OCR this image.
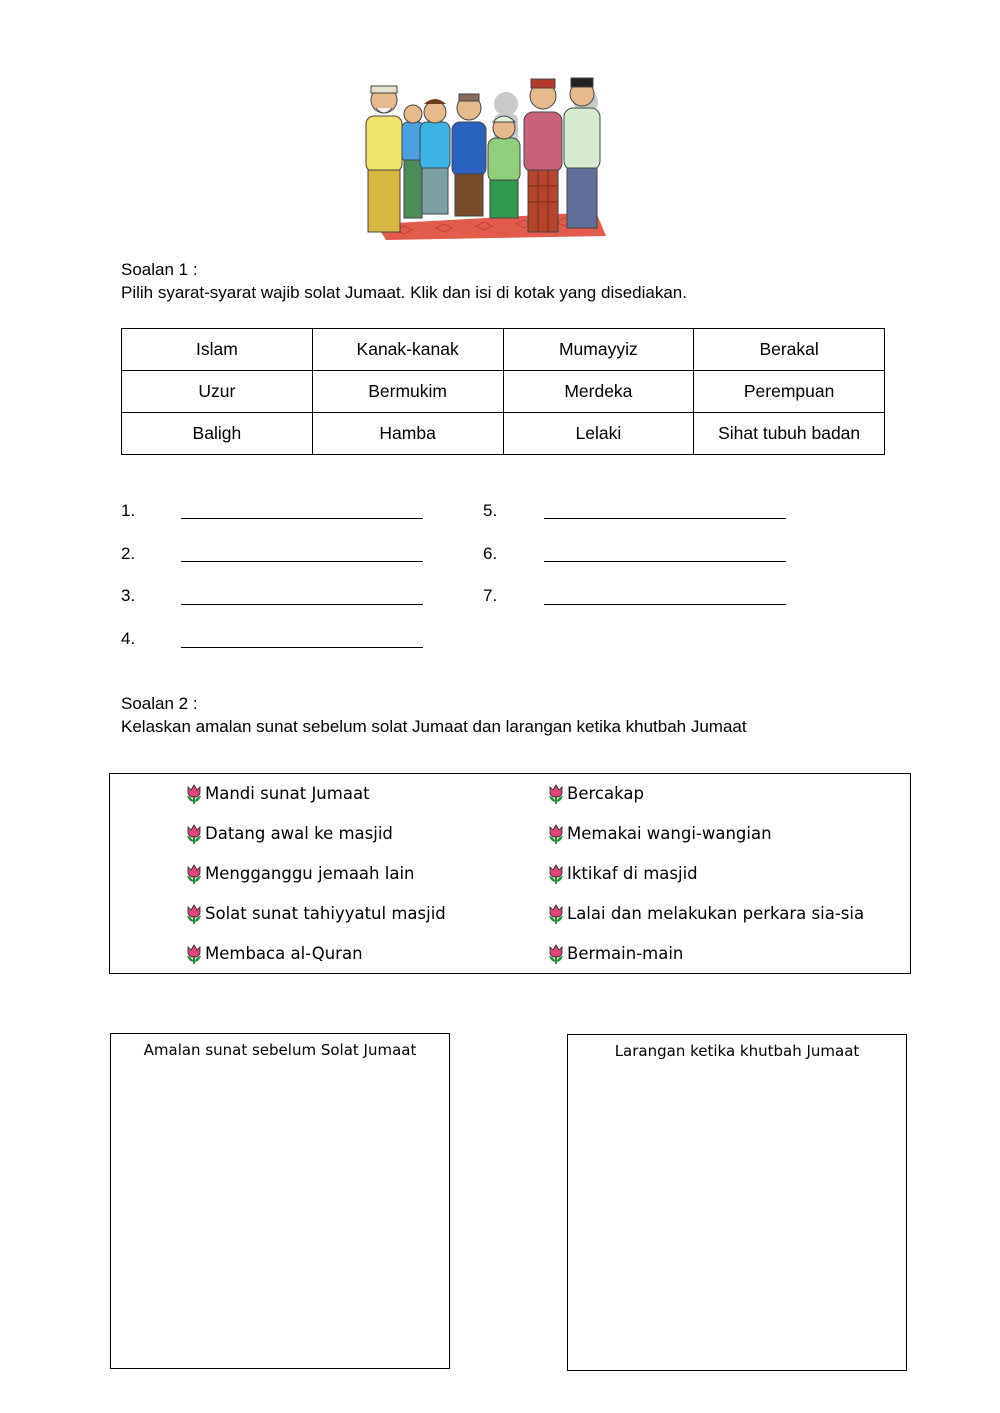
Soalan 1 :
Pilih syarat-syarat wajib solat Jumaat. Klik dan isi di kotak yang disediakan.
Islam	Kanak-kanak	Mumayyiz	Berakal
Uzur	Bermukim	Merdeka	Perempuan
Baligh	Hamba	Lelaki	Sihat tubuh badan
1.
2.
3.
4.
5.
6.
7.
Soalan 2 :
Kelaskan amalan sunat sebelum solat Jumaat dan larangan ketika khutbah Jumaat
Mandi sunat Jumaat
Datang awal ke masjid
Mengganggu jemaah lain
Solat sunat tahiyyatul masjid
Membaca al-Quran
Bercakap
Memakai wangi-wangian
Iktikaf di masjid
Lalai dan melakukan perkara sia-sia
Bermain-main
Amalan sunat sebelum Solat Jumaat	Larangan ketika khutbah Jumaat
